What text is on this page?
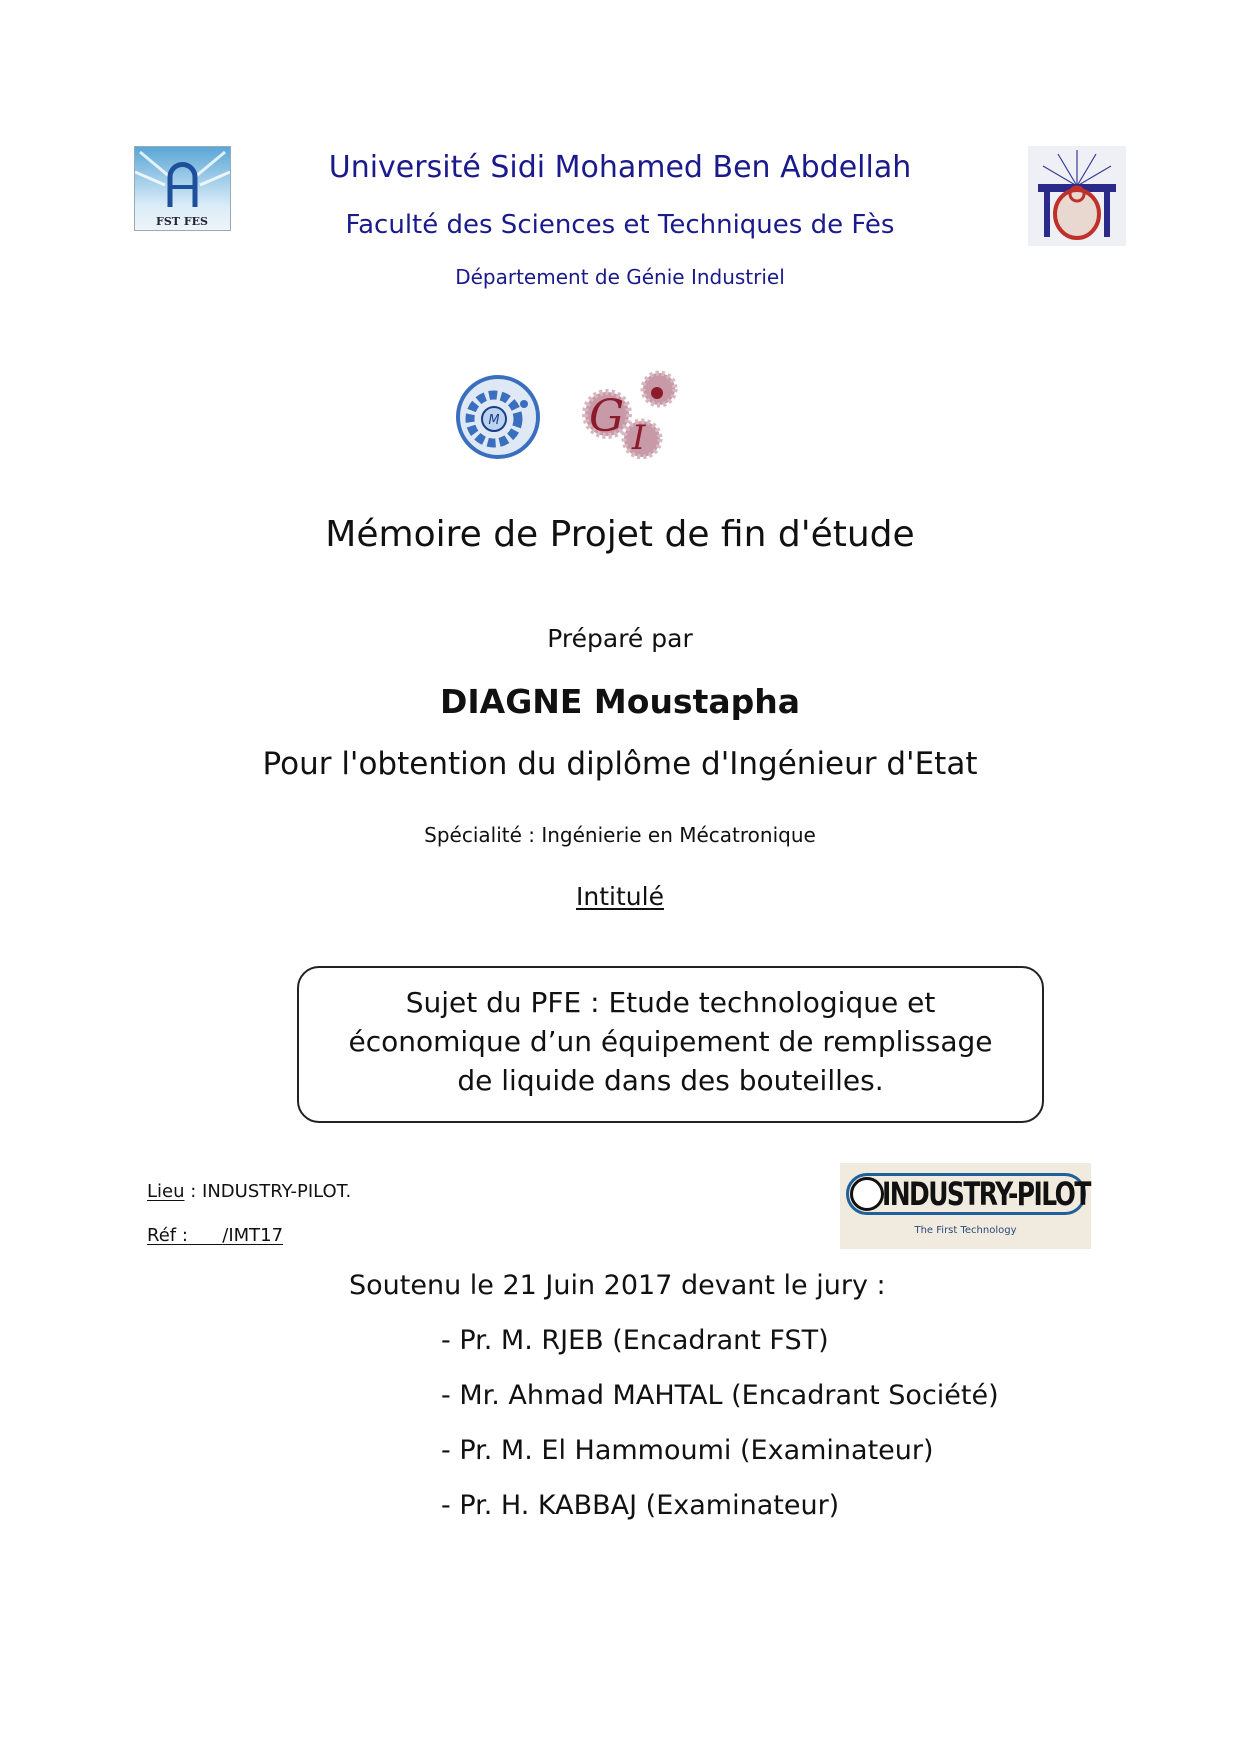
FST FES
Université Sidi Mohamed Ben Abdellah
Faculté des Sciences et Techniques de Fès
Département de Génie Industriel
M G I
Mémoire de Projet de fin d'étude
Préparé par
DIAGNE Moustapha
Pour l'obtention du diplôme d'Ingénieur d'Etat
Spécialité : Ingénierie en Mécatronique
Intitulé
Sujet du PFE : Etude technologique et
économique d’un équipement de remplissage
de liquide dans des bouteilles.
Lieu : INDUSTRY-PILOT.
Réf : /IMT17
INDUSTRY-PILOT
The First Technology
Soutenu le 21 Juin 2017 devant le jury :
- Pr. M. RJEB (Encadrant FST)
- Mr. Ahmad MAHTAL (Encadrant Société)
- Pr. M. El Hammoumi (Examinateur)
- Pr. H. KABBAJ (Examinateur)
